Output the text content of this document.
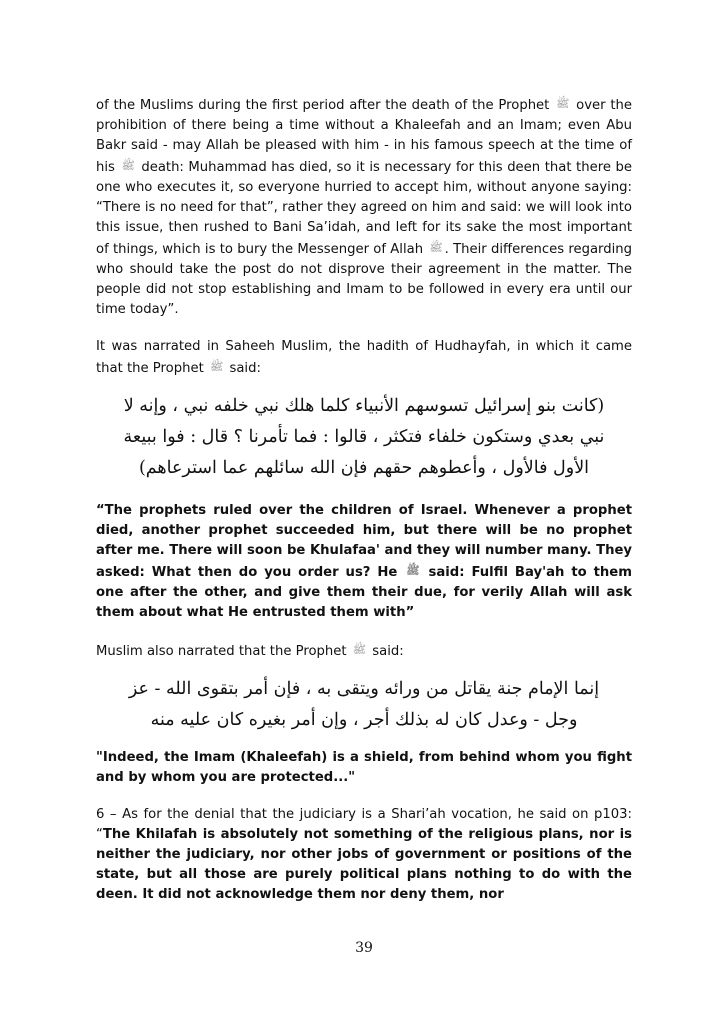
of the Muslims during the first period after the death of the Prophet ﷺ over the prohibition of there being a time without a Khaleefah and an Imam; even Abu Bakr said - may Allah be pleased with him - in his famous speech at the time of his ﷺ death: Muhammad has died, so it is necessary for this deen that there be one who executes it, so everyone hurried to accept him, without anyone saying: “There is no need for that”, rather they agreed on him and said: we will look into this issue, then rushed to Bani Sa’idah, and left for its sake the most important of things, which is to bury the Messenger of Allah ﷺ . Their differences regarding who should take the post do not disprove their agreement in the matter. The people did not stop establishing and Imam to be followed in every era until our time today”.

It was narrated in Saheeh Muslim, the hadith of Hudhayfah, in which it came that the Prophet ﷺ said:

(كانت بنو إسرائيل تسوسهم الأنبياء كلما هلك نبي خلفه نبي ، وإنه لا
نبي بعدي وستكون خلفاء فتكثر ، قالوا : فما تأمرنا ؟ قال : فوا ببيعة
الأول فالأول ، وأعطوهم حقهم فإن الله سائلهم عما استرعاهم)

“The prophets ruled over the children of Israel. Whenever a prophet died, another prophet succeeded him, but there will be no prophet after me. There will soon be Khulafaa' and they will number many. They asked: What then do you order us? He ﷺ said: Fulfil Bay'ah to them one after the other, and give them their due, for verily Allah will ask them about what He entrusted them with”

Muslim also narrated that the Prophet ﷺ said:

إنما الإمام جنة يقاتل من ورائه ويتقى به ، فإن أمر بتقوى الله - عز
وجل - وعدل كان له بذلك أجر ، وإن أمر بغيره كان عليه منه

"Indeed, the Imam (Khaleefah) is a shield, from behind whom you fight and by whom you are protected..."

6 – As for the denial that the judiciary is a Shari’ah vocation, he said on p103: “The Khilafah is absolutely not something of the religious plans, nor is neither the judiciary, nor other jobs of government or positions of the state, but all those are purely political plans nothing to do with the deen. It did not acknowledge them nor deny them, nor

39
